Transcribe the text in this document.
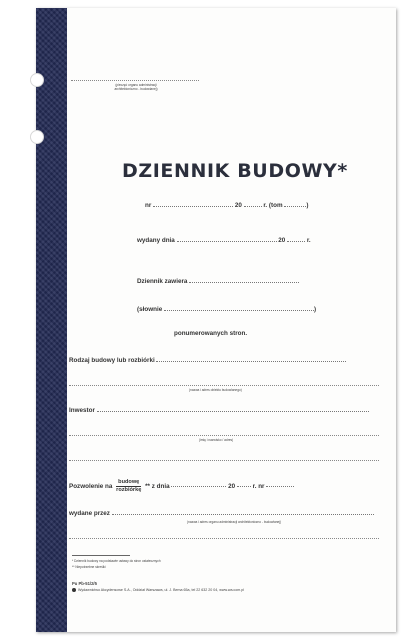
(pieczęć organu administracji
architektoniczno - budowlanej)
DZIENNIK BUDOWY*
nr	20	r. (tom	)
wydany dnia	20	r.
Dziennik zawiera
(słownie	)
ponumerowanych stron.
Rodzaj budowy lub rozbiórki
(nazwa i adres obiektu budowlanego)
Inwestor
(imię i nazwisko / adres)
Pozwolenie na $\frac{\text{budowę}}{\text{rozbiórkę}}$ ** z dnia	20	r. nr
wydane przez
(nazwa i adres organu administracji architektoniczno - budowlanej)
* Dziennik budowy na podstawie ustawy do stron ostatecznych
** Niepotrzebne skreślić
Pu Pb-51/2/5
Wydawnictwo Akcydensowe S.A., Oddział Warszawa, ul. J. Bema 65a, tel 22 632 20 04, www.wa.com.pl
